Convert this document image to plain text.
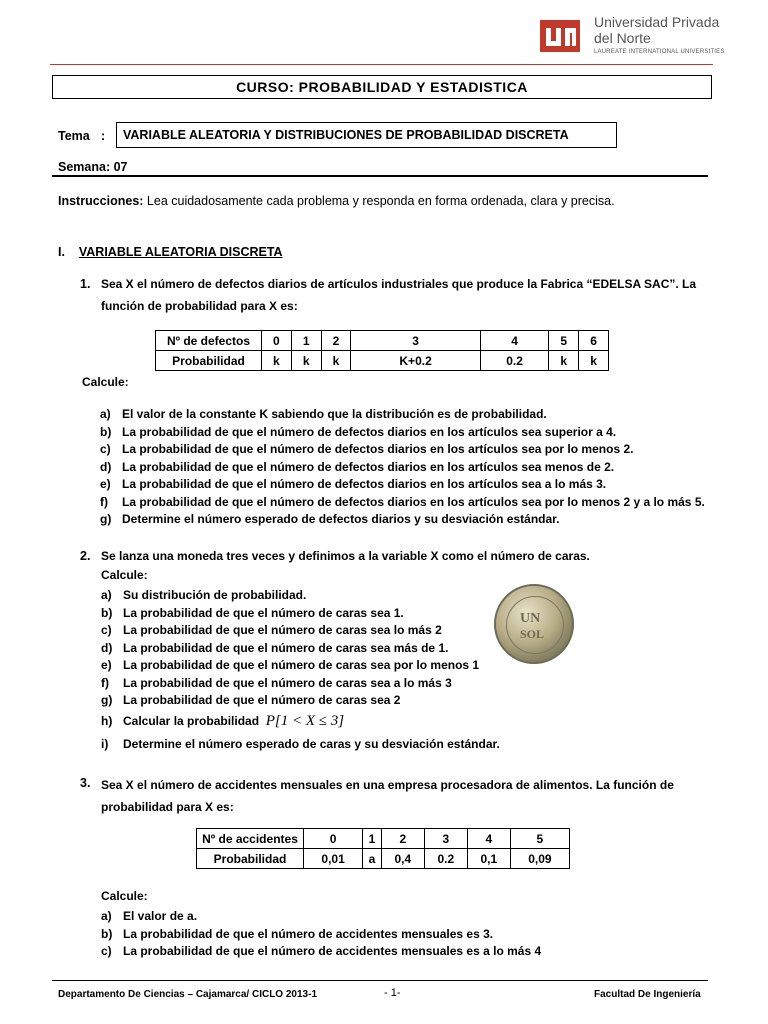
Universidad Privada
del Norte
LAUREATE INTERNATIONAL UNIVERSITIES
CURSO: PROBABILIDAD Y ESTADISTICA
Tema :	VARIABLE ALEATORIA Y DISTRIBUCIONES DE PROBABILIDAD DISCRETA
Semana: 07
Instrucciones: Lea cuidadosamente cada problema y responda en forma ordenada, clara y precisa.
I. VARIABLE ALEATORIA DISCRETA
1. Sea X el número de defectos diarios de artículos industriales que produce la Fabrica “EDELSA SAC”. La
función de probabilidad para X es:
Nº de defectos	0	1	2	3	4	5	6
Probabilidad	k	k	k	K+0.2	0.2	k	k
Calcule:
a) El valor de la constante K sabiendo que la distribución es de probabilidad.
b) La probabilidad de que el número de defectos diarios en los artículos sea superior a 4.
c) La probabilidad de que el número de defectos diarios en los artículos sea por lo menos 2.
d) La probabilidad de que el número de defectos diarios en los artículos sea menos de 2.
e) La probabilidad de que el número de defectos diarios en los artículos sea a lo más 3.
f) La probabilidad de que el número de defectos diarios en los artículos sea por lo menos 2 y a lo más 5.
g) Determine el número esperado de defectos diarios y su desviación estándar.
2. Se lanza una moneda tres veces y definimos a la variable X como el número de caras.
Calcule:
a) Su distribución de probabilidad.
b) La probabilidad de que el número de caras sea 1.
c) La probabilidad de que el número de caras sea lo más 2
d) La probabilidad de que el número de caras sea más de 1.
e) La probabilidad de que el número de caras sea por lo menos 1
f) La probabilidad de que el número de caras sea a lo más 3
g) La probabilidad de que el número de caras sea 2
h) Calcular la probabilidad P[1 < X ≤ 3]
i) Determine el número esperado de caras y su desviación estándar.
UN
SOL
3. Sea X el número de accidentes mensuales en una empresa procesadora de alimentos. La función de
probabilidad para X es:
Nº de accidentes	0	1	2	3	4	5
Probabilidad	0,01	a	0,4	0.2	0,1	0,09
Calcule:
a) El valor de a.
b) La probabilidad de que el número de accidentes mensuales es 3.
c) La probabilidad de que el número de accidentes mensuales es a lo más 4
Departamento De Ciencias – Cajamarca/ CICLO 2013-1	- 1-	Facultad De Ingeniería
